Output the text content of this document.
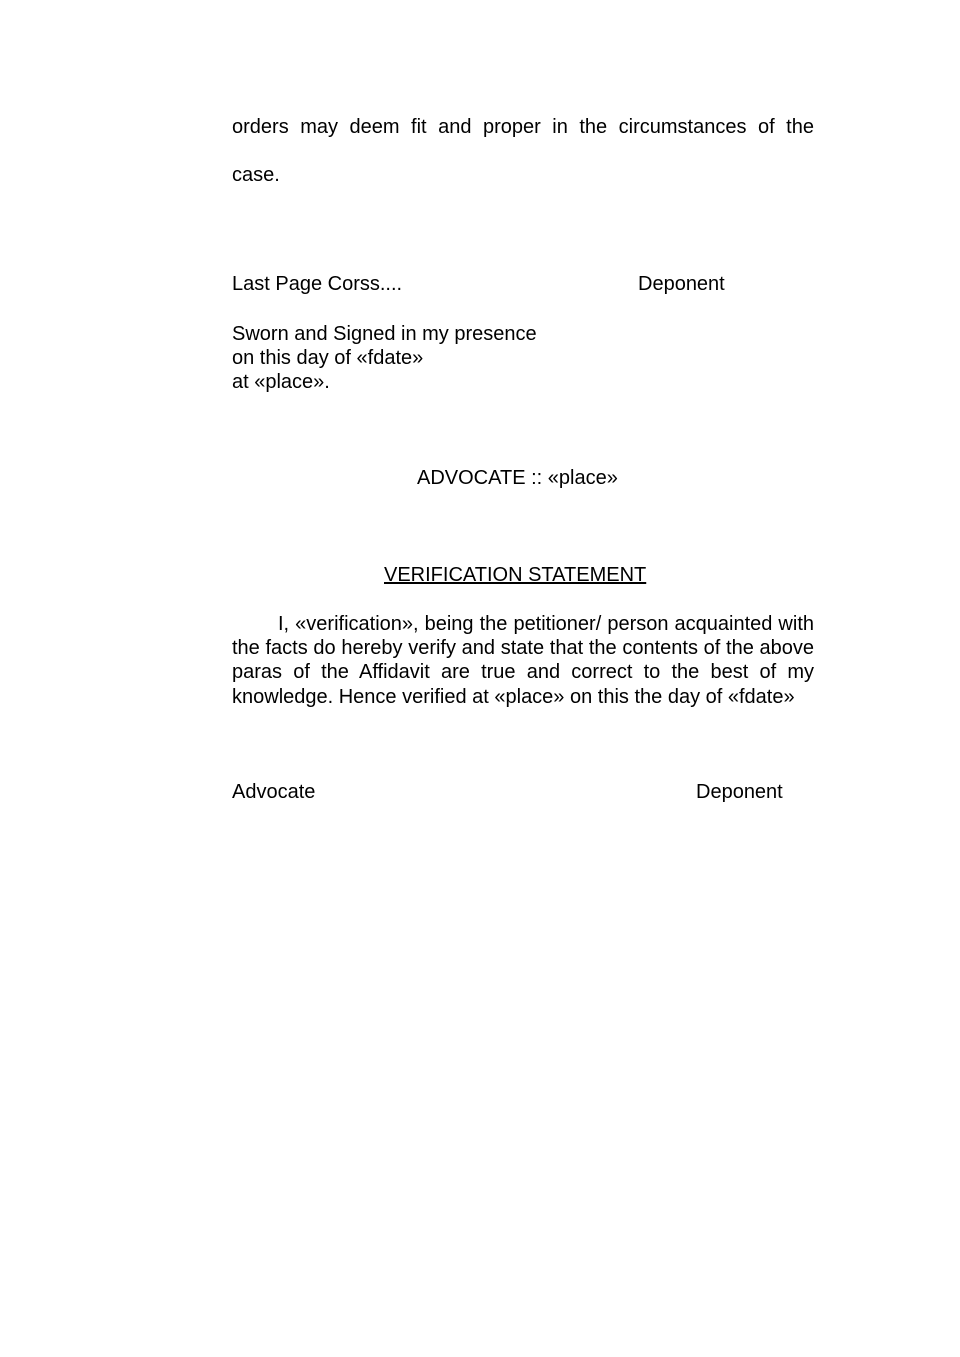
orders may deem fit and proper in the circumstances of the
case.
Last Page Corss....	Deponent
Sworn and Signed in my presence
on this day of «fdate»
at «place».
ADVOCATE :: «place»
VERIFICATION STATEMENT
I, «verification», being the petitioner/ person acquainted with the facts do hereby verify and state that the contents of the above paras of the Affidavit are true and correct to the best of my knowledge. Hence verified at «place» on this the day of «fdate»
Advocate	Deponent
